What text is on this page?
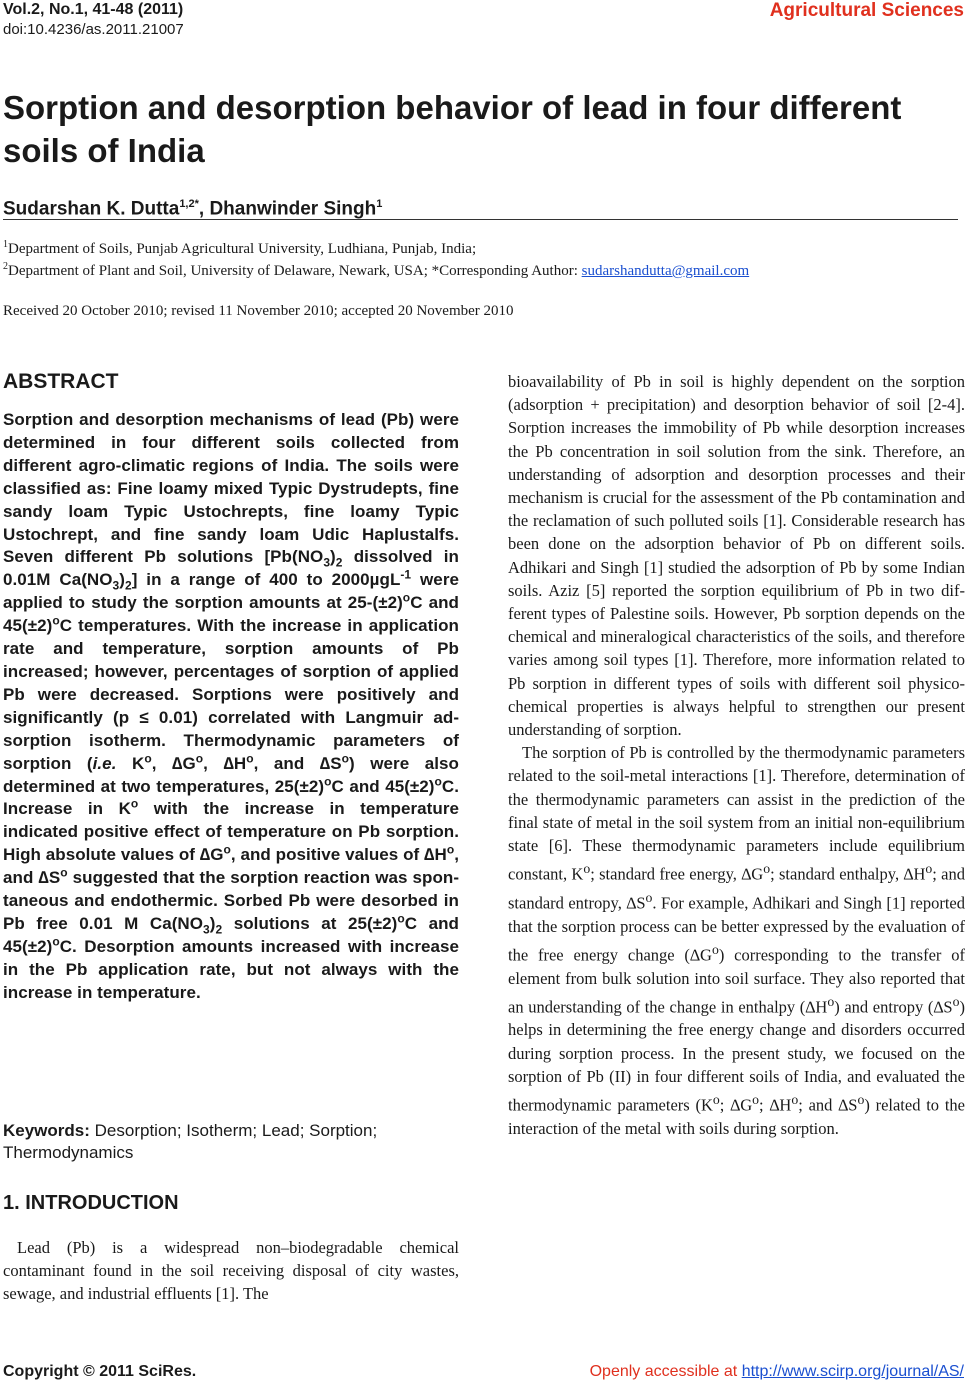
Vol.2, No.1, 41-48 (2011)
doi:10.4236/as.2011.21007
Agricultural Sciences
Sorption and desorption behavior of lead in four different soils of India
Sudarshan K. Dutta$^{1,2*}$, Dhanwinder Singh$^1$
$^1$Department of Soils, Punjab Agricultural University, Ludhiana, Punjab, India;
$^2$Department of Plant and Soil, University of Delaware, Newark, USA; *Corresponding Author: sudarshandutta@gmail.com
Received 20 October 2010; revised 11 November 2010; accepted 20 November 2010
ABSTRACT

Sorption and desorption mechanisms of lead (Pb) were determined in four different soils collected from different agro-climatic regions of India. The soils were classified as: Fine loamy mixed Typic Dystrudepts, fine sandy loam Typic Ustochrepts, fine loamy Typic Ustochrept, and fine sandy loam Udic Haplustalfs. Seven different Pb solutions [$Pb(NO_3)_2$ dissolved in 0.01M $Ca(NO_3)_2$] in a range of 400 to 2000µgL$^{-1}$ were applied to study the sorption amounts at $25-(\pm 2)^oC$ and $45(\pm 2)^oC$ temperatures. With the increase in application rate and temperature, sorption amounts of Pb increased; however, percentages of sorption of applied Pb were decreased. Sorptions were positively and significantly (p ≤ 0.01) correlated with Langmuir adsorption isotherm. Thermodynamic parameters of sorption (i.e. $K^o$, $\Delta G^o$, $\Delta H^o$, and $\Delta S^o$) were also determined at two temperatures, $25(\pm 2)^oC$ and $45(\pm 2)^oC$. Increase in $K^o$ with the increase in temperature indicated positive effect of temperature on Pb sorption. High absolute values of $\Delta G^o$, and positive values of $\Delta H^o$, and $\Delta S^o$ suggested that the sorption reaction was spontaneous and endothermic. Sorbed Pb were desorbed in Pb free 0.01 M $Ca(NO_3)_2$ solutions at $25(\pm 2)^oC$ and $45(\pm 2)^oC$. Desorption amounts increased with increase in the Pb application rate, but not always with the increase in temperature.

Keywords: Desorption; Isotherm; Lead; Sorption; Thermodynamics
1. INTRODUCTION

Lead (Pb) is a widespread non–biodegradable chemical contaminant found in the soil receiving disposal of city wastes, sewage, and industrial effluents [1]. The

bioavailability of Pb in soil is highly dependent on the sorption (adsorption + precipitation) and desorption behavior of soil [2-4]. Sorption increases the immobility of Pb while desorption increases the Pb concentration in soil solution from the sink. Therefore, an understanding of adsorption and desorption processes and their mechanism is crucial for the assessment of the Pb contamination and the reclamation of such polluted soils [1]. Considerable research has been done on the adsorption behavior of Pb on different soils. Adhikari and Singh [1] studied the adsorption of Pb by some Indian soils. Aziz [5] reported the sorption equilibrium of Pb in two different types of Palestine soils. However, Pb sorption depends on the chemical and mineralogical characteristics of the soils, and therefore varies among soil types [1]. Therefore, more information related to Pb sorption in different types of soils with different soil physico-chemical properties is always helpful to strengthen our present understanding of sorption.

The sorption of Pb is controlled by the thermodynamic parameters related to the soil-metal interactions [1]. Therefore, determination of the thermodynamic parameters can assist in the prediction of the final state of metal in the soil system from an initial non-equilibrium state [6]. These thermodynamic parameters include equilibrium constant, $K^o$; standard free energy, $\Delta G^o$; standard enthalpy, $\Delta H^o$; and standard entropy, $\Delta S^o$. For example, Adhikari and Singh [1] reported that the sorption process can be better expressed by the evaluation of the free energy change $(\Delta G^o)$ corresponding to the transfer of element from bulk solution into soil surface. They also reported that an understanding of the change in enthalpy $(\Delta H^o)$ and entropy $(\Delta S^o)$ helps in determining the free energy change and disorders occurred during sorption process. In the present study, we focused on the sorption of Pb (II) in four different soils of India, and evaluated the thermodynamic parameters ($K^o$; $\Delta G^o$; $\Delta H^o$; and $\Delta S^o$) related to the interaction of the metal with soils during sorption.

Copyright © 2011 SciRes.	Openly accessible at http://www.scirp.org/journal/AS/
